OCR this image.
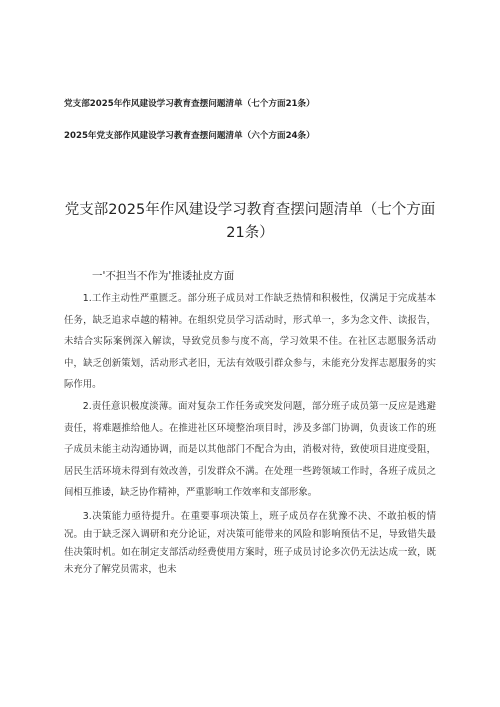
党支部2025年作风建设学习教育查摆问题清单（七个方面21条）
2025年党支部作风建设学习教育查摆问题清单（六个方面24条）
党支部2025年作风建设学习教育查摆问题清单（七个方面21条）
一'不担当不作为'推诿扯皮方面

1.工作主动性严重匮乏。部分班子成员对工作缺乏热情和积极性，仅满足于完成基本任务，缺乏追求卓越的精神。在组织党员学习活动时，形式单一，多为念文件、读报告，未结合实际案例深入解读，导致党员参与度不高，学习效果不佳。在社区志愿服务活动中，缺乏创新策划，活动形式老旧，无法有效吸引群众参与，未能充分发挥志愿服务的实际作用。

2.责任意识极度淡薄。面对复杂工作任务或突发问题，部分班子成员第一反应是逃避责任，将难题推给他人。在推进社区环境整治项目时，涉及多部门协调，负责该工作的班子成员未能主动沟通协调，而是以其他部门不配合为由，消极对待，致使项目进度受阻，居民生活环境未得到有效改善，引发群众不满。在处理一些跨领域工作时，各班子成员之间相互推诿，缺乏协作精神，严重影响工作效率和支部形象。

3.决策能力亟待提升。在重要事项决策上，班子成员存在犹豫不决、不敢拍板的情况。由于缺乏深入调研和充分论证，对决策可能带来的风险和影响预估不足，导致错失最佳决策时机。如在制定支部活动经费使用方案时，班子成员讨论多次仍无法达成一致，既未充分了解党员需求，也未
